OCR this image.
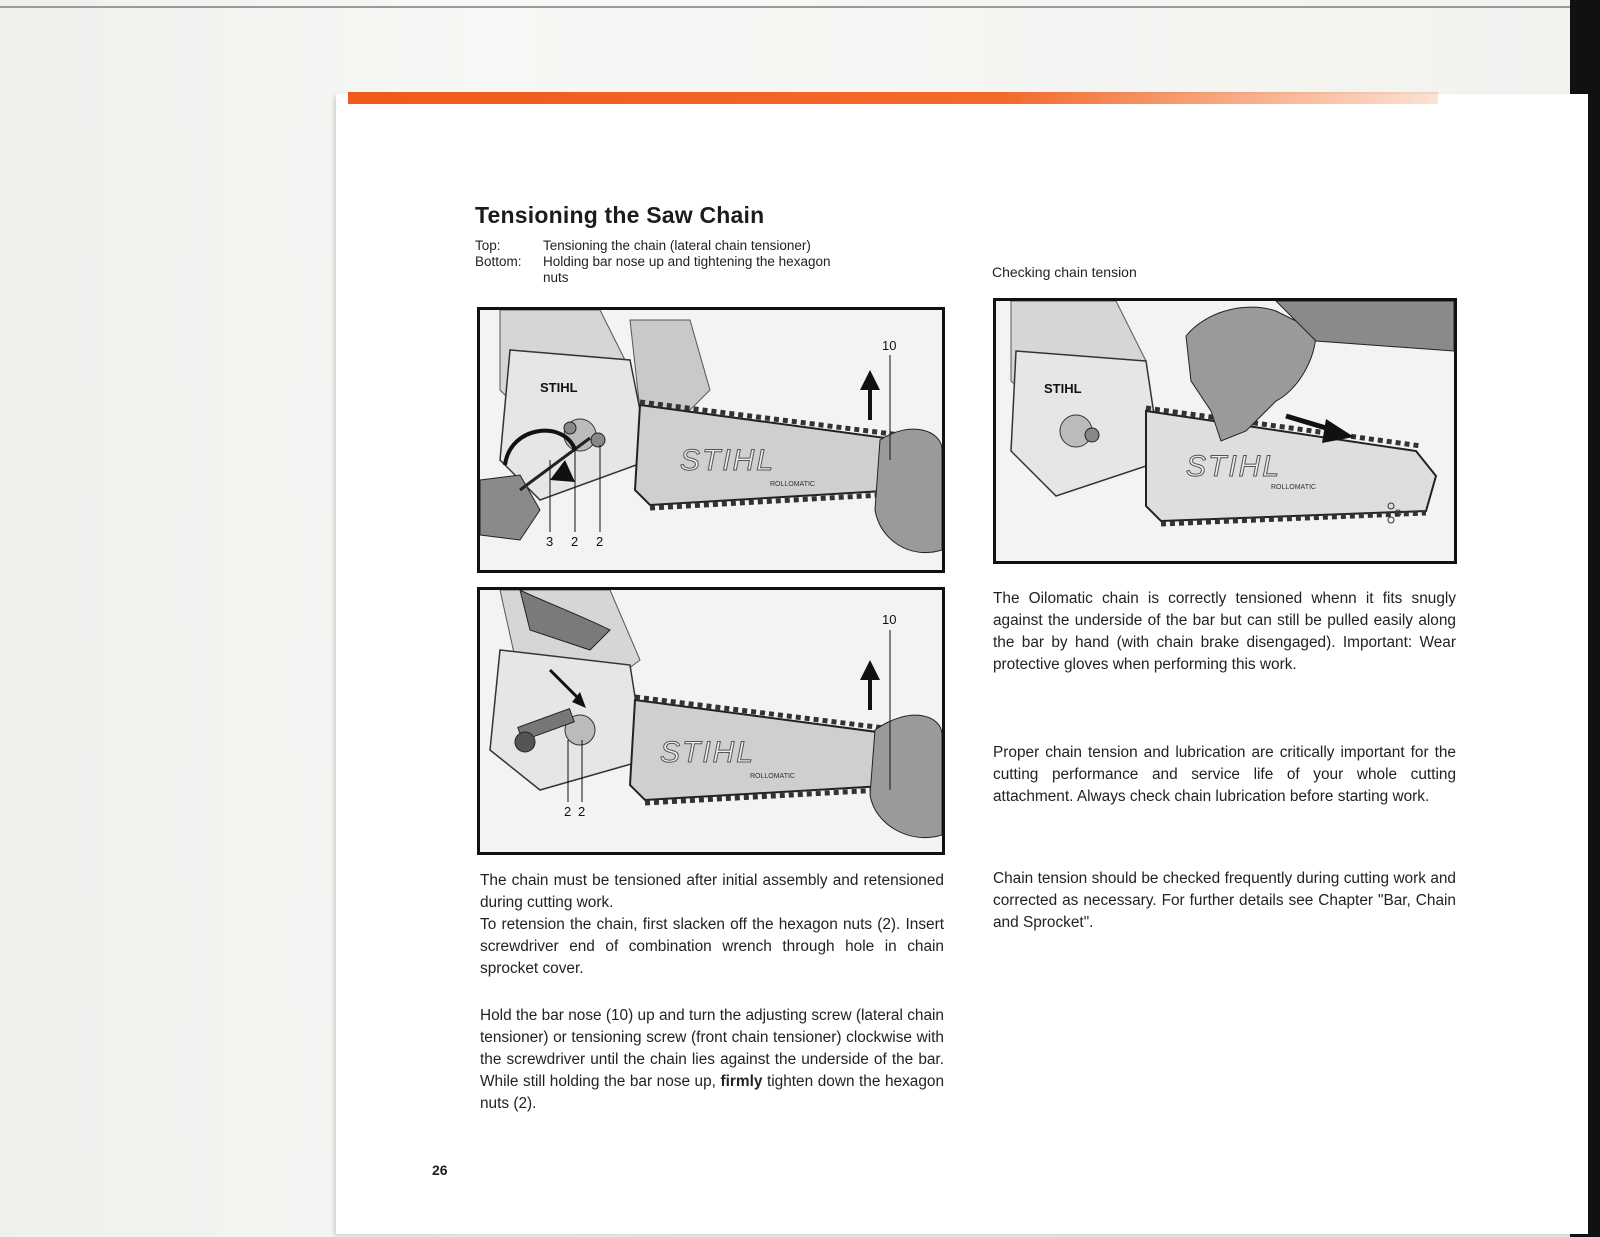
Tensioning the Saw Chain
Top:	Tensioning the chain (lateral chain tensioner)
Bottom: Holding bar nose up and tightening the hexagon nuts	Checking chain tension
STIHL
STIHL
ROLLOMATIC
10
3 2 2
STIHL
ROLLOMATIC
10
2 2
STIHL
STIHL
ROLLOMATIC
The chain must be tensioned after initial assembly and retensioned during cutting work.
To retension the chain, first slacken off the hexagon nuts (2). Insert screwdriver end of combination wrench through hole in chain sprocket cover.
Hold the bar nose (10) up and turn the adjusting screw (lateral chain tensioner) or tensioning screw (front chain tensioner) clockwise with the screwdriver until the chain lies against the underside of the bar. While still holding the bar nose up, firmly tighten down the hexagon nuts (2).
The Oilomatic chain is correctly tensioned whenn it fits snugly against the underside of the bar but can still be pulled easily along the bar by hand (with chain brake disengaged). Important: Wear protective gloves when performing this work.
Proper chain tension and lubrication are critically important for the cutting performance and service life of your whole cutting attachment. Always check chain lubrication before starting work.
Chain tension should be checked frequently during cutting work and corrected as necessary. For further details see Chapter "Bar, Chain and Sprocket".
26
